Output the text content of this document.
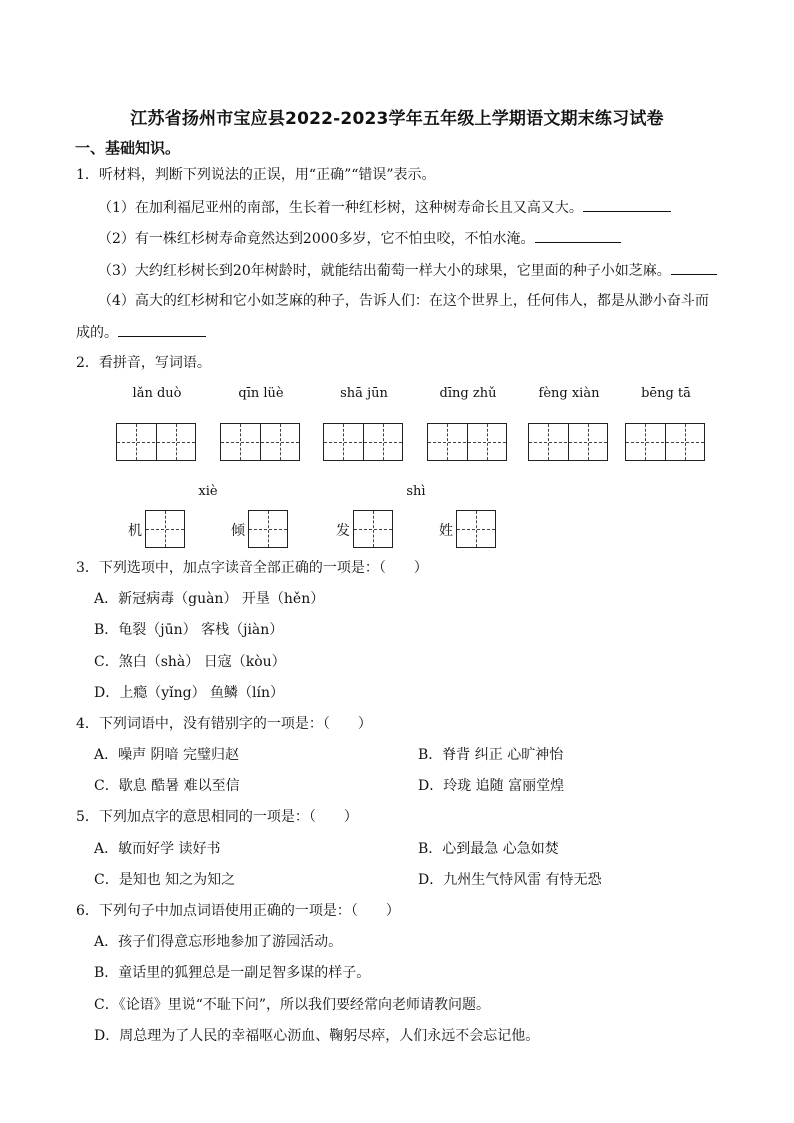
江苏省扬州市宝应县2022-2023学年五年级上学期语文期末练习试卷
一、基础知识。
1．听材料，判断下列说法的正误，用“正确”“错误”表示。
（1）在加利福尼亚州的南部，生长着一种红杉树，这种树寿命长且又高又大。
（2）有一株红杉树寿命竟然达到2000多岁，它不怕虫咬，不怕水淹。
（3）大约红杉树长到20年树龄时，就能结出葡萄一样大小的球果，它里面的种子小如芝麻。
（4）高大的红杉树和它小如芝麻的种子，告诉人们：在这个世界上，任何伟人，都是从渺小奋斗而
成的。
2．看拼音，写词语。
lǎn duò	qīn lüè	shā jūn	dīng zhǔ	fèng xiàn	bēng tā
xiè	shì
机	倾	发	姓
3．下列选项中，加点字读音全部正确的一项是：（　　）
A．新冠病毒（guàn） 开垦（hěn）
B．龟裂（jūn） 客栈（jiàn）
C．煞白（shà） 日寇（kòu）
D．上瘾（yǐng） 鱼鳞（lín）
4．下列词语中，没有错别字的一项是：（　　）
A．噪声 阴喑 完璧归赵	B．脊背 纠正 心旷神怡
C．歇息 酷暑 难以至信	D．玲珑 追随 富丽堂煌
5．下列加点字的意思相同的一项是：（　　）
A．敏而好学 读好书	B．心到最急 心急如焚
C．是知也 知之为知之	D．九州生气恃风雷 有恃无恐
6．下列句子中加点词语使用正确的一项是：（　　）
A．孩子们得意忘形地参加了游园活动。
B．童话里的狐狸总是一副足智多谋的样子。
C．《论语》里说“不耻下问”，所以我们要经常向老师请教问题。
D．周总理为了人民的幸福呕心沥血、鞠躬尽瘁，人们永远不会忘记他。
